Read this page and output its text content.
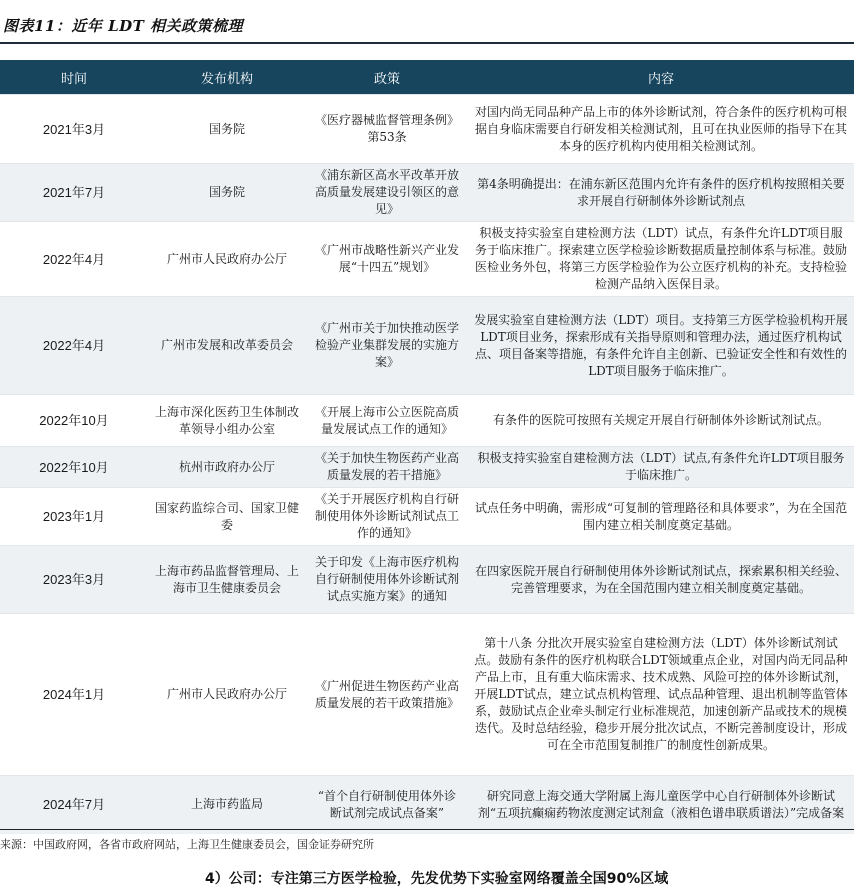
图表11：近年 LDT 相关政策梳理
时间	发布机构	政策	内容
2021年3月	国务院	《医疗器械监督管理条例》第53条	对国内尚无同品种产品上市的体外诊断试剂，符合条件的医疗机构可根据自身临床需要自行研发相关检测试剂，且可在执业医师的指导下在其本身的医疗机构内使用相关检测试剂。
2021年7月	国务院	《浦东新区高水平改革开放高质量发展建设引领区的意见》	第4条明确提出：在浦东新区范围内允许有条件的医疗机构按照相关要求开展自行研制体外诊断试剂点
2022年4月	广州市人民政府办公厅	《广州市战略性新兴产业发展“十四五”规划》	积极支持实验室自建检测方法（LDT）试点，有条件允许LDT项目服务于临床推广。探索建立医学检验诊断数据质量控制体系与标准。鼓励医检业务外包，将第三方医学检验作为公立医疗机构的补充。支持检验检测产品纳入医保目录。
2022年4月	广州市发展和改革委员会	《广州市关于加快推动医学检验产业集群发展的实施方案》	发展实验室自建检测方法（LDT）项目。支持第三方医学检验机构开展LDT项目业务，探索形成有关指导原则和管理办法，通过医疗机构试点、项目备案等措施，有条件允许自主创新、已验证安全性和有效性的LDT项目服务于临床推广。
2022年10月	上海市深化医药卫生体制改革领导小组办公室	《开展上海市公立医院高质量发展试点工作的通知》	有条件的医院可按照有关规定开展自行研制体外诊断试剂试点。
2022年10月	杭州市政府办公厅	《关于加快生物医药产业高质量发展的若干措施》	积极支持实验室自建检测方法（LDT）试点,有条件允许LDT项目服务于临床推广。
2023年1月	国家药监综合司、国家卫健委	《关于开展医疗机构自行研制使用体外诊断试剂试点工作的通知》	试点任务中明确，需形成“可复制的管理路径和具体要求”，为在全国范围内建立相关制度奠定基础。
2023年3月	上海市药品监督管理局、上海市卫生健康委员会	关于印发《上海市医疗机构自行研制使用体外诊断试剂试点实施方案》的通知	在四家医院开展自行研制使用体外诊断试剂试点，探索累积相关经验、完善管理要求，为在全国范围内建立相关制度奠定基础。
2024年1月	广州市人民政府办公厅	《广州促进生物医药产业高质量发展的若干政策措施》	第十八条 分批次开展实验室自建检测方法（LDT）体外诊断试剂试点。鼓励有条件的医疗机构联合LDT领域重点企业，对国内尚无同品种产品上市，且有重大临床需求、技术成熟、风险可控的体外诊断试剂，开展LDT试点，建立试点机构管理、试点品种管理、退出机制等监管体系，鼓励试点企业牵头制定行业标准规范，加速创新产品或技术的规模迭代。及时总结经验，稳步开展分批次试点，不断完善制度设计，形成可在全市范围复制推广的制度性创新成果。
2024年7月	上海市药监局	“首个自行研制使用体外诊断试剂完成试点备案”	研究同意上海交通大学附属上海儿童医学中心自行研制体外诊断试剂“五项抗癫痫药物浓度测定试剂盒（液相色谱串联质谱法）”完成备案
来源：中国政府网，各省市政府网站，上海卫生健康委员会，国金证券研究所
4）公司：专注第三方医学检验，先发优势下实验室网络覆盖全国90%区域
